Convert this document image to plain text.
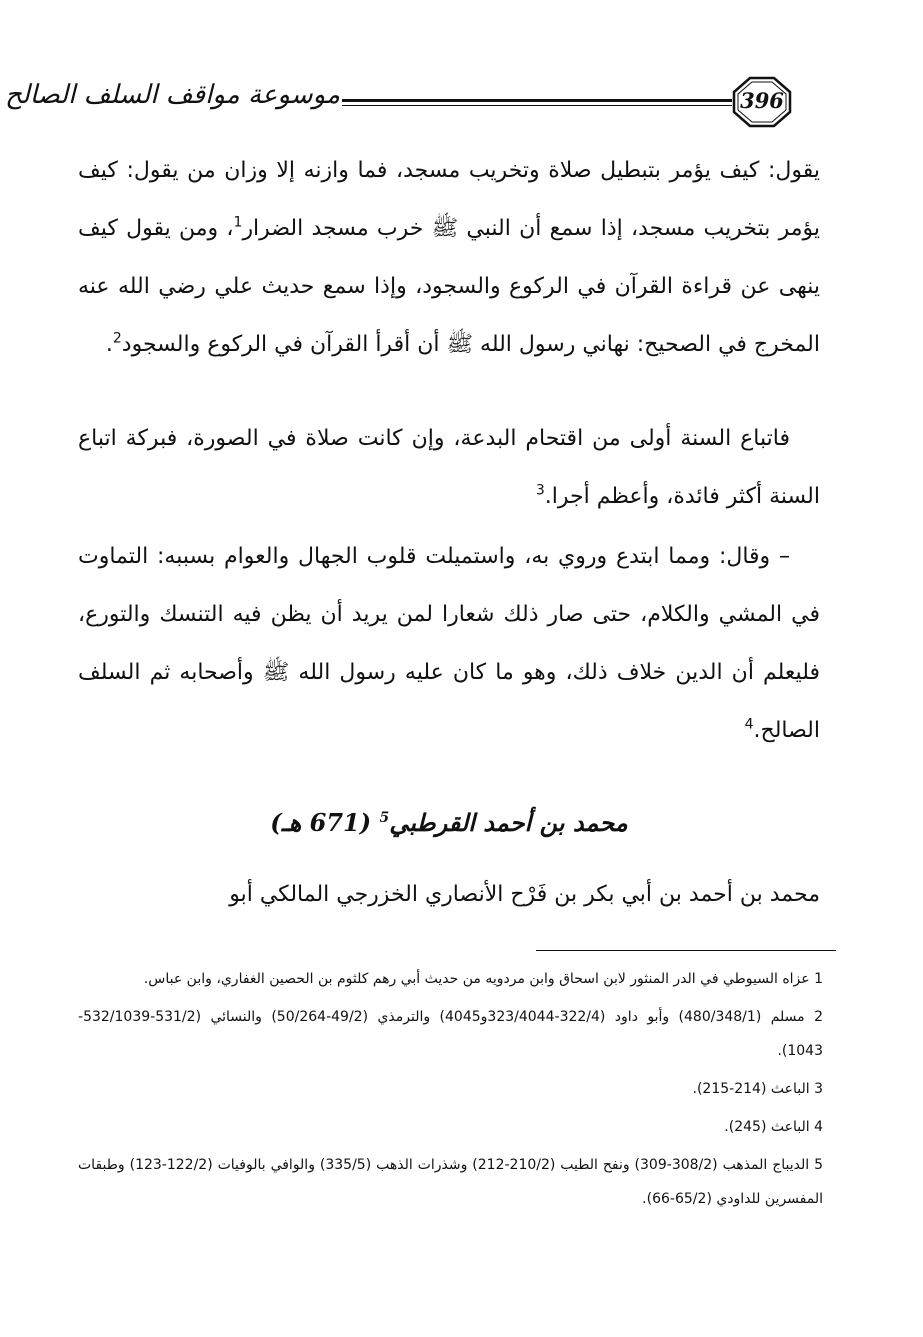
موسوعة مواقف السلف الصالح	396

يقول: كيف يؤمر بتبطيل صلاة وتخريب مسجد، فما وازنه إلا وزان من يقول: كيف يؤمر بتخريب مسجد، إذا سمع أن النبي ﷺ خرب مسجد الضرار$^1$، ومن يقول كيف ينهى عن قراءة القرآن في الركوع والسجود، وإذا سمع حديث علي رضي الله عنه المخرج في الصحيح: نهاني رسول الله ﷺ أن أقرأ القرآن في الركوع والسجود$^2$.

فاتباع السنة أولى من اقتحام البدعة، وإن كانت صلاة في الصورة، فبركة اتباع السنة أكثر فائدة، وأعظم أجرا.$^3$

– وقال: ومما ابتدع وروي به، واستميلت قلوب الجهال والعوام بسببه: التماوت في المشي والكلام، حتى صار ذلك شعارا لمن يريد أن يظن فيه التنسك والتورع، فليعلم أن الدين خلاف ذلك، وهو ما كان عليه رسول الله ﷺ وأصحابه ثم السلف الصالح.$^4$

محمد بن أحمد القرطبي$^5$ (671 هـ)
محمد بن أحمد بن أبي بكر بن فَرْح الأنصاري الخزرجي المالكي أبو

1 عزاه السيوطي في الدر المنثور لابن اسحاق وابن مردويه من حديث أبي رهم كلثوم بن الحصين الغفاري، وابن عباس.

2 مسلم (480/348/1) وأبو داود (322/4-323/4044و4045) والترمذي (49/2-50/264) والنسائي (531/2-532/1039-1043).

3 الباعث (214-215).

4 الباعث (245).

5 الديباج المذهب (308/2-309) ونفح الطيب (210/2-212) وشذرات الذهب (335/5) والوافي بالوفيات (122/2-123) وطبقات المفسرين للداودي (65/2-66).
